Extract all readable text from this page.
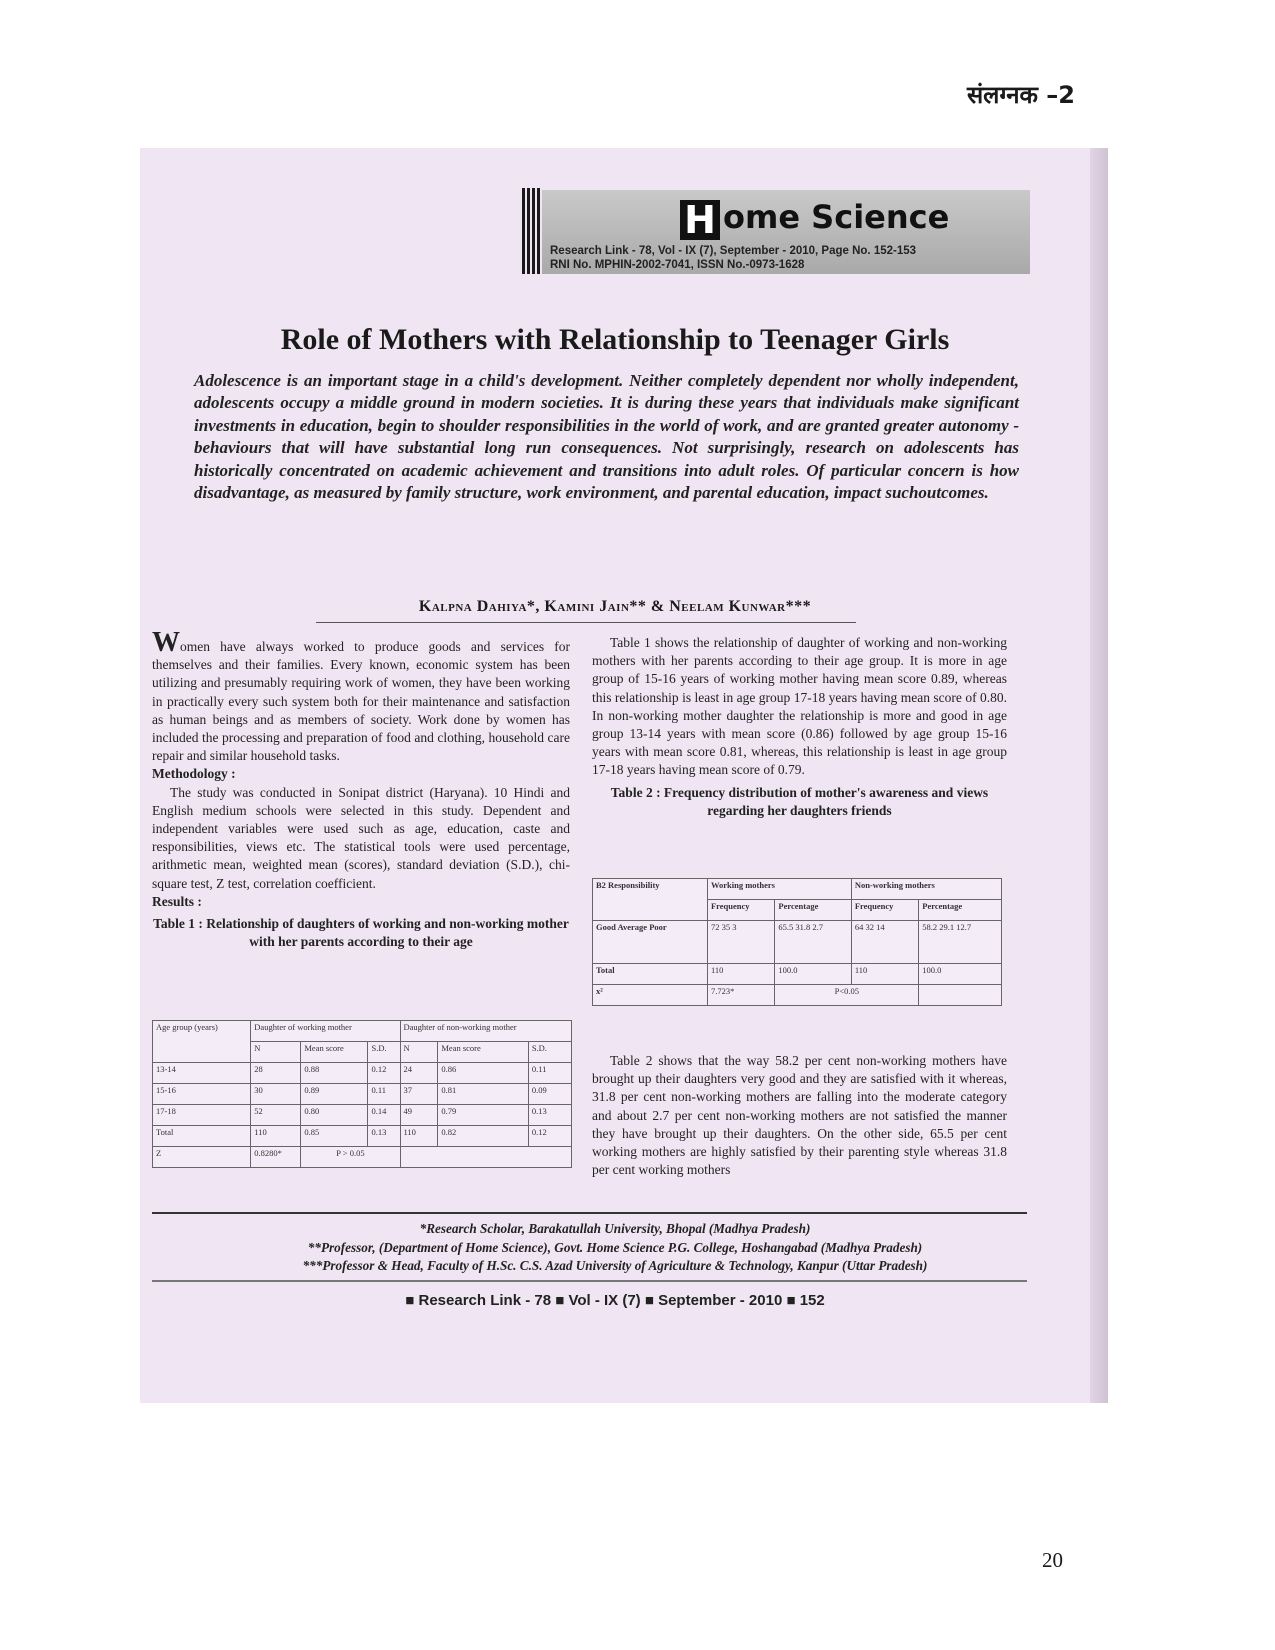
संलग्नक –2
H ome Science
Research Link - 78, Vol - IX (7), September - 2010, Page No. 152-153
RNI No. MPHIN-2002-7041, ISSN No.-0973-1628
Role of Mothers with Relationship to Teenager Girls
Adolescence is an important stage in a child's development. Neither completely dependent nor wholly independent, adolescents occupy a middle ground in modern societies. It is during these years that individuals make significant investments in education, begin to shoulder responsibilities in the world of work, and are granted greater autonomy - behaviours that will have substantial long run consequences. Not surprisingly, research on adolescents has historically concentrated on academic achievement and transitions into adult roles. Of particular concern is how disadvantage, as measured by family structure, work environment, and parental education, impact suchoutcomes.
Kalpna Dahiya*, Kamini Jain** & Neelam Kunwar***

Women have always worked to produce goods and services for themselves and their families. Every known, economic system has been utilizing and presumably requiring work of women, they have been working in practically every such system both for their maintenance and satisfaction as human beings and as members of society. Work done by women has included the processing and preparation of food and clothing, household care repair and similar household tasks.

Methodology :

The study was conducted in Sonipat district (Haryana). 10 Hindi and English medium schools were selected in this study. Dependent and independent variables were used such as age, education, caste and responsibilities, views etc. The statistical tools were used percentage, arithmetic mean, weighted mean (scores), standard deviation (S.D.), chi-square test, Z test, correlation coefficient.

Results :

Table 1 : Relationship of daughters of working and non-working mother with her parents according to their age

Age group (years)	Daughter of working mother			Daughter of non-working mother		
	N	Mean score	S.D.	N	Mean score	S.D.
13-14	28	0.88	0.12	24	0.86	0.11
15-16	30	0.89	0.11	37	0.81	0.09
17-18	52	0.80	0.14	49	0.79	0.13
Total	110	0.85	0.13	110	0.82	0.12
Z	0.8280*	P > 0.05				

Table 1 shows the relationship of daughter of working and non-working mothers with her parents according to their age group. It is more in age group of 15-16 years of working mother having mean score 0.89, whereas this relationship is least in age group 17-18 years having mean score of 0.80. In non-working mother daughter the relationship is more and good in age group 13-14 years with mean score (0.86) followed by age group 15-16 years with mean score 0.81, whereas, this relationship is least in age group 17-18 years having mean score of 0.79.

Table 2 : Frequency distribution of mother's awareness and views regarding her daughters friends

B2 Responsibility	Working mothers		Non-working mothers	
	Frequency	Percentage	Frequency	Percentage
Good Average Poor	72 35 3	65.5 31.8 2.7	64 32 14	58.2 29.1 12.7
Total	110	100.0	110	100.0
x²	7.723*	P<0.05		

Table 2 shows that the way 58.2 per cent non-working mothers have brought up their daughters very good and they are satisfied with it whereas, 31.8 per cent non-working mothers are falling into the moderate category and about 2.7 per cent non-working mothers are not satisfied the manner they have brought up their daughters. On the other side, 65.5 per cent working mothers are highly satisfied by their parenting style whereas 31.8 per cent working mothers

*Research Scholar, Barakatullah University, Bhopal (Madhya Pradesh)
**Professor, (Department of Home Science), Govt. Home Science P.G. College, Hoshangabad (Madhya Pradesh)
***Professor & Head, Faculty of H.Sc. C.S. Azad University of Agriculture & Technology, Kanpur (Uttar Pradesh)
■ Research Link - 78 ■ Vol - IX (7) ■ September - 2010 ■ 152
20
